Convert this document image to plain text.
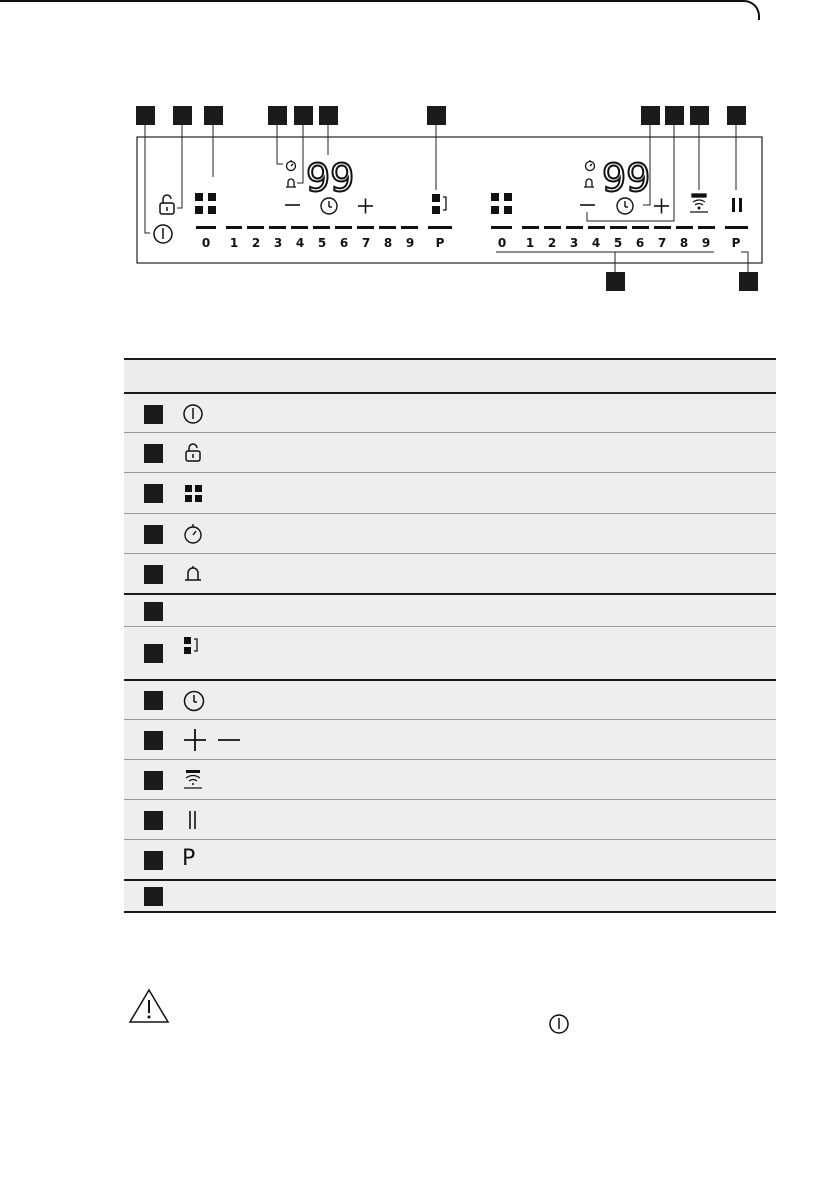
99
0 1 2 3 4 5 6 7 8 9 P
99
0 1 2 3 4 5 6 7 8 9 P
P
